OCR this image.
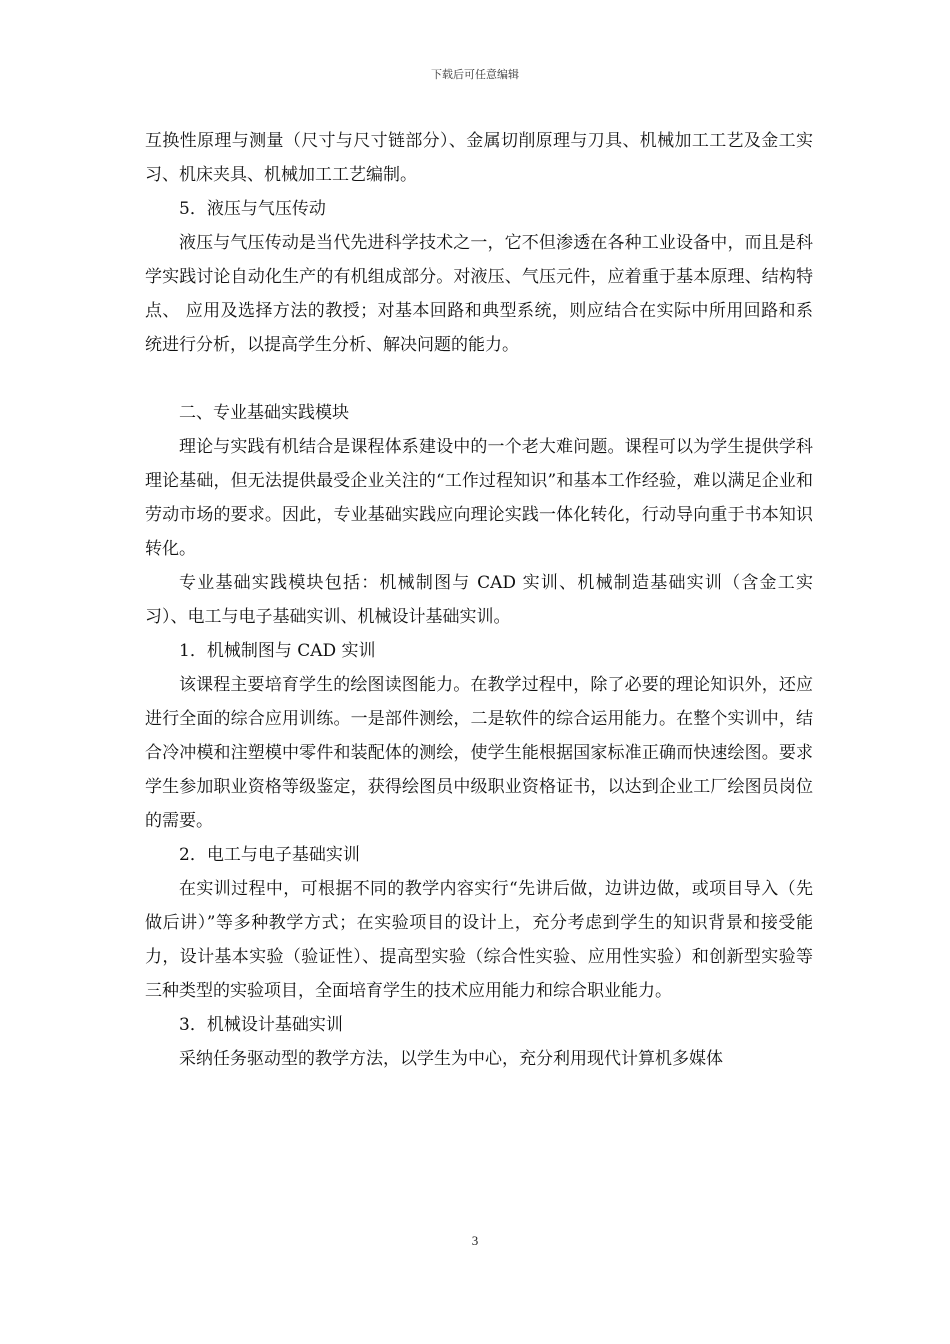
下载后可任意编辑

互换性原理与测量（尺寸与尺寸链部分）、金属切削原理与刀具、机械加工工艺及金工实习、机床夹具、机械加工工艺编制。

5．液压与气压传动

液压与气压传动是当代先进科学技术之一，它不但渗透在各种工业设备中，而且是科学实践讨论自动化生产的有机组成部分。对液压、气压元件，应着重于基本原理、结构特点、 应用及选择方法的教授；对基本回路和典型系统，则应结合在实际中所用回路和系统进行分析，以提高学生分析、解决问题的能力。

二、专业基础实践模块

理论与实践有机结合是课程体系建设中的一个老大难问题。课程可以为学生提供学科理论基础，但无法提供最受企业关注的“工作过程知识”和基本工作经验，难以满足企业和劳动市场的要求。因此，专业基础实践应向理论实践一体化转化，行动导向重于书本知识转化。

专业基础实践模块包括：机械制图与 CAD 实训、机械制造基础实训（含金工实习）、电工与电子基础实训、机械设计基础实训。

1．机械制图与 CAD 实训

该课程主要培育学生的绘图读图能力。在教学过程中，除了必要的理论知识外，还应进行全面的综合应用训练。一是部件测绘，二是软件的综合运用能力。在整个实训中，结合冷冲模和注塑模中零件和装配体的测绘，使学生能根据国家标准正确而快速绘图。要求学生参加职业资格等级鉴定，获得绘图员中级职业资格证书，以达到企业工厂绘图员岗位的需要。

2．电工与电子基础实训

在实训过程中，可根据不同的教学内容实行“先讲后做，边讲边做，或项目导入（先做后讲）”等多种教学方式；在实验项目的设计上，充分考虑到学生的知识背景和接受能力，设计基本实验（验证性）、提高型实验（综合性实验、应用性实验）和创新型实验等三种类型的实验项目，全面培育学生的技术应用能力和综合职业能力。

3．机械设计基础实训

采纳任务驱动型的教学方法，以学生为中心，充分利用现代计算机多媒体

3
